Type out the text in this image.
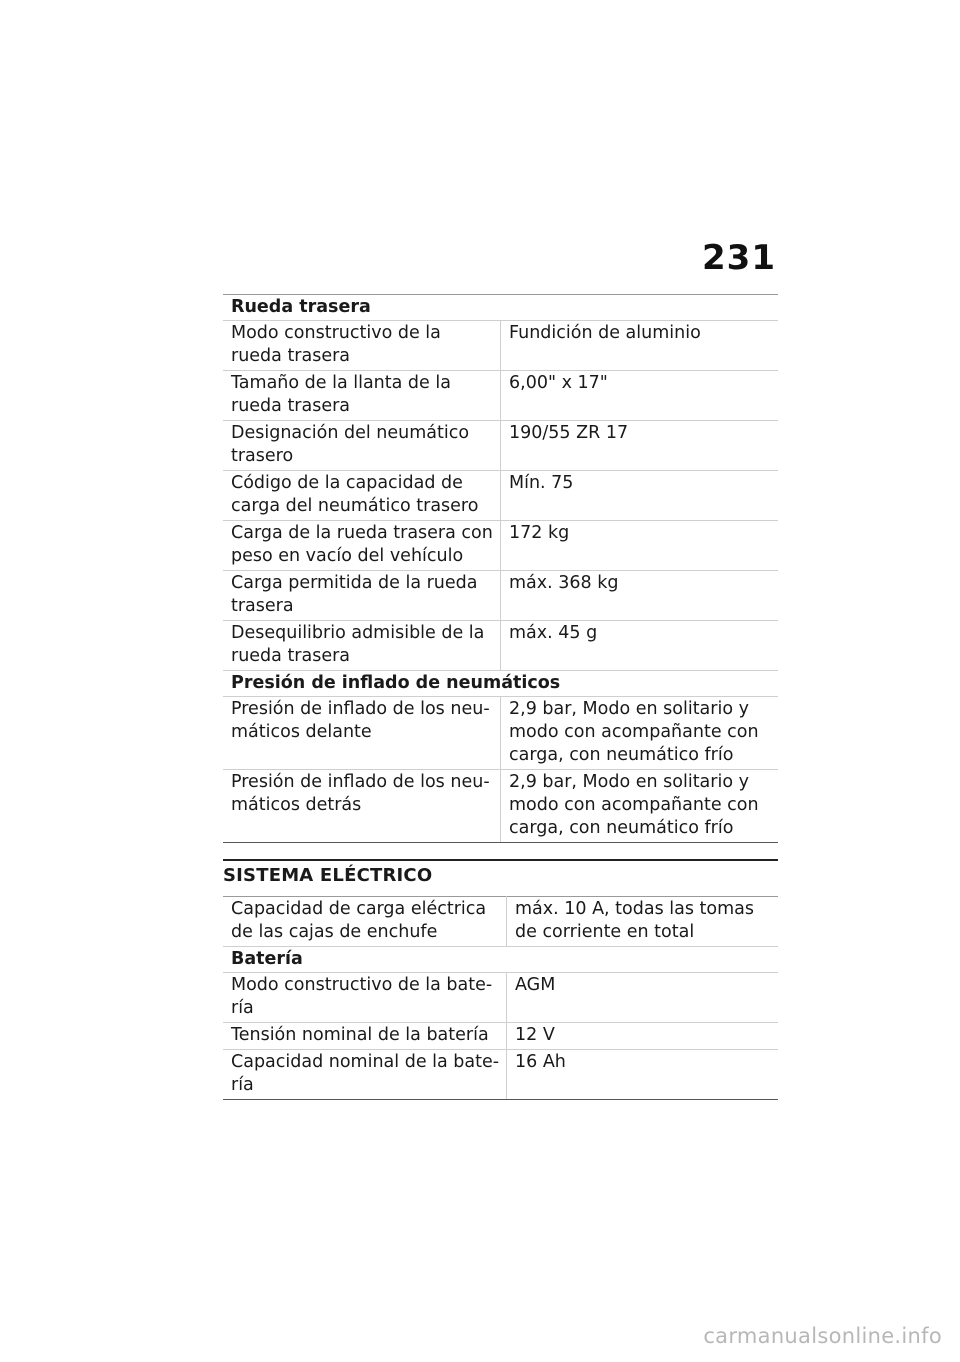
231
Rueda trasera	
Modo constructivo de la rueda trasera	Fundición de aluminio
Tamaño de la llanta de la rueda trasera	6,00" x 17"
Designación del neumático trasero	190/55 ZR 17
Código de la capacidad de carga del neumático trasero	Mín. 75
Carga de la rueda trasera con peso en vacío del vehículo	172 kg
Carga permitida de la rueda trasera	máx. 368 kg
Desequilibrio admisible de la rueda trasera	máx. 45 g
Presión de inflado de neumáticos	
Presión de inflado de los neu-máticos delante	2,9 bar, Modo en solitario y modo con acompañante con carga, con neumático frío
Presión de inflado de los neu-máticos detrás	2,9 bar, Modo en solitario y modo con acompañante con carga, con neumático frío
SISTEMA ELÉCTRICO
Capacidad de carga eléctrica de las cajas de enchufe	máx. 10 A, todas las tomas de corriente en total
Batería	
Modo constructivo de la bate-ría	AGM
Tensión nominal de la batería	12 V
Capacidad nominal de la bate-ría	16 Ah
carmanualsonline.info
